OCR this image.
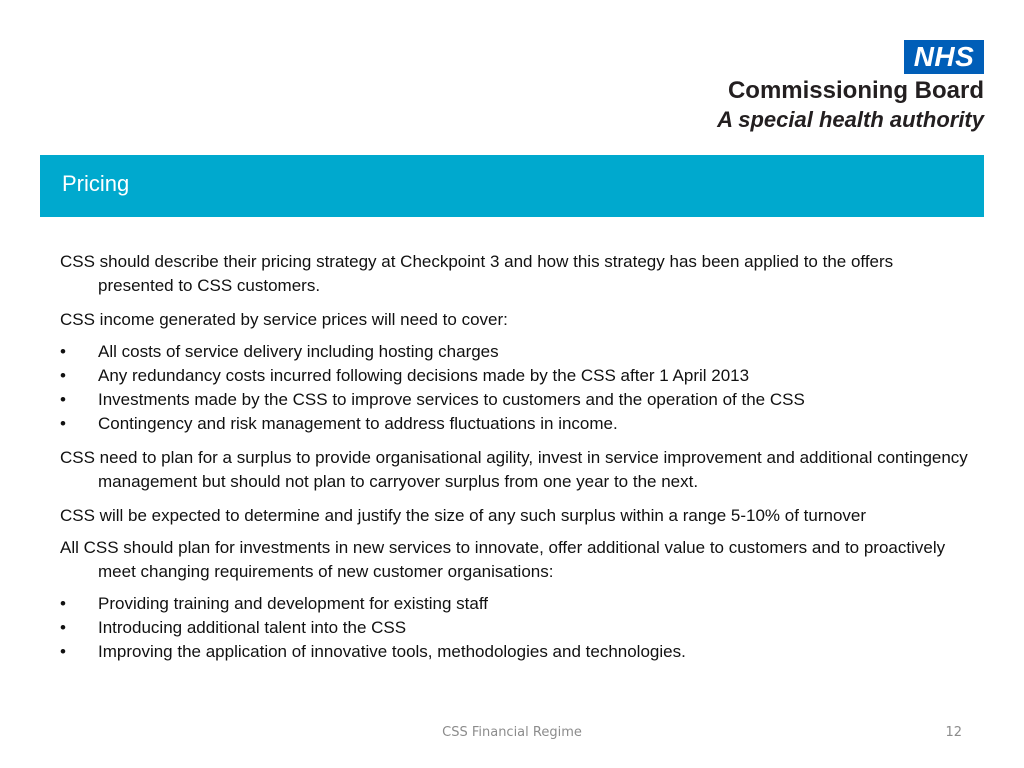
NHS
Commissioning Board
A special health authority
Pricing

CSS should describe their pricing strategy at Checkpoint 3 and how this strategy has been applied to the offers presented to CSS customers.

CSS income generated by service prices will need to cover:

• All costs of service delivery including hosting charges
• Any redundancy costs incurred following decisions made by the CSS after 1 April 2013
• Investments made by the CSS to improve services to customers and the operation of the CSS
• Contingency and risk management to address fluctuations in income.

CSS need to plan for a surplus to provide organisational agility, invest in service improvement and additional contingency management but should not plan to carryover surplus from one year to the next.

CSS will be expected to determine and justify the size of any such surplus within a range 5-10% of turnover

All CSS should plan for investments in new services to innovate, offer additional value to customers and to proactively meet changing requirements of new customer organisations:

• Providing training and development for existing staff
• Introducing additional talent into the CSS
• Improving the application of innovative tools, methodologies and technologies.
CSS Financial Regime	12
